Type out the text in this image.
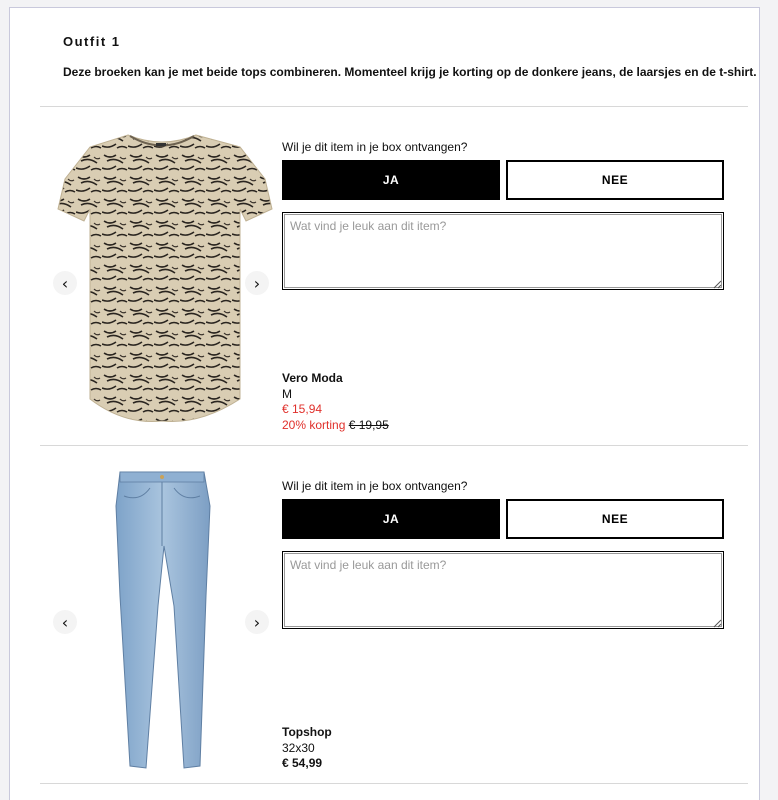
Outfit 1
Deze broeken kan je met beide tops combineren. Momenteel krijg je korting op de donkere jeans, de laarsjes en de t-shirt.
‹	›
Wil je dit item in je box ontvangen?
JA	NEE
Wat vind je leuk aan dit item?
Vero Moda
M
€ 15,94
20% korting € 19,95
‹	›
Wil je dit item in je box ontvangen?
JA	NEE
Wat vind je leuk aan dit item?
Topshop
32x30
€ 54,99
